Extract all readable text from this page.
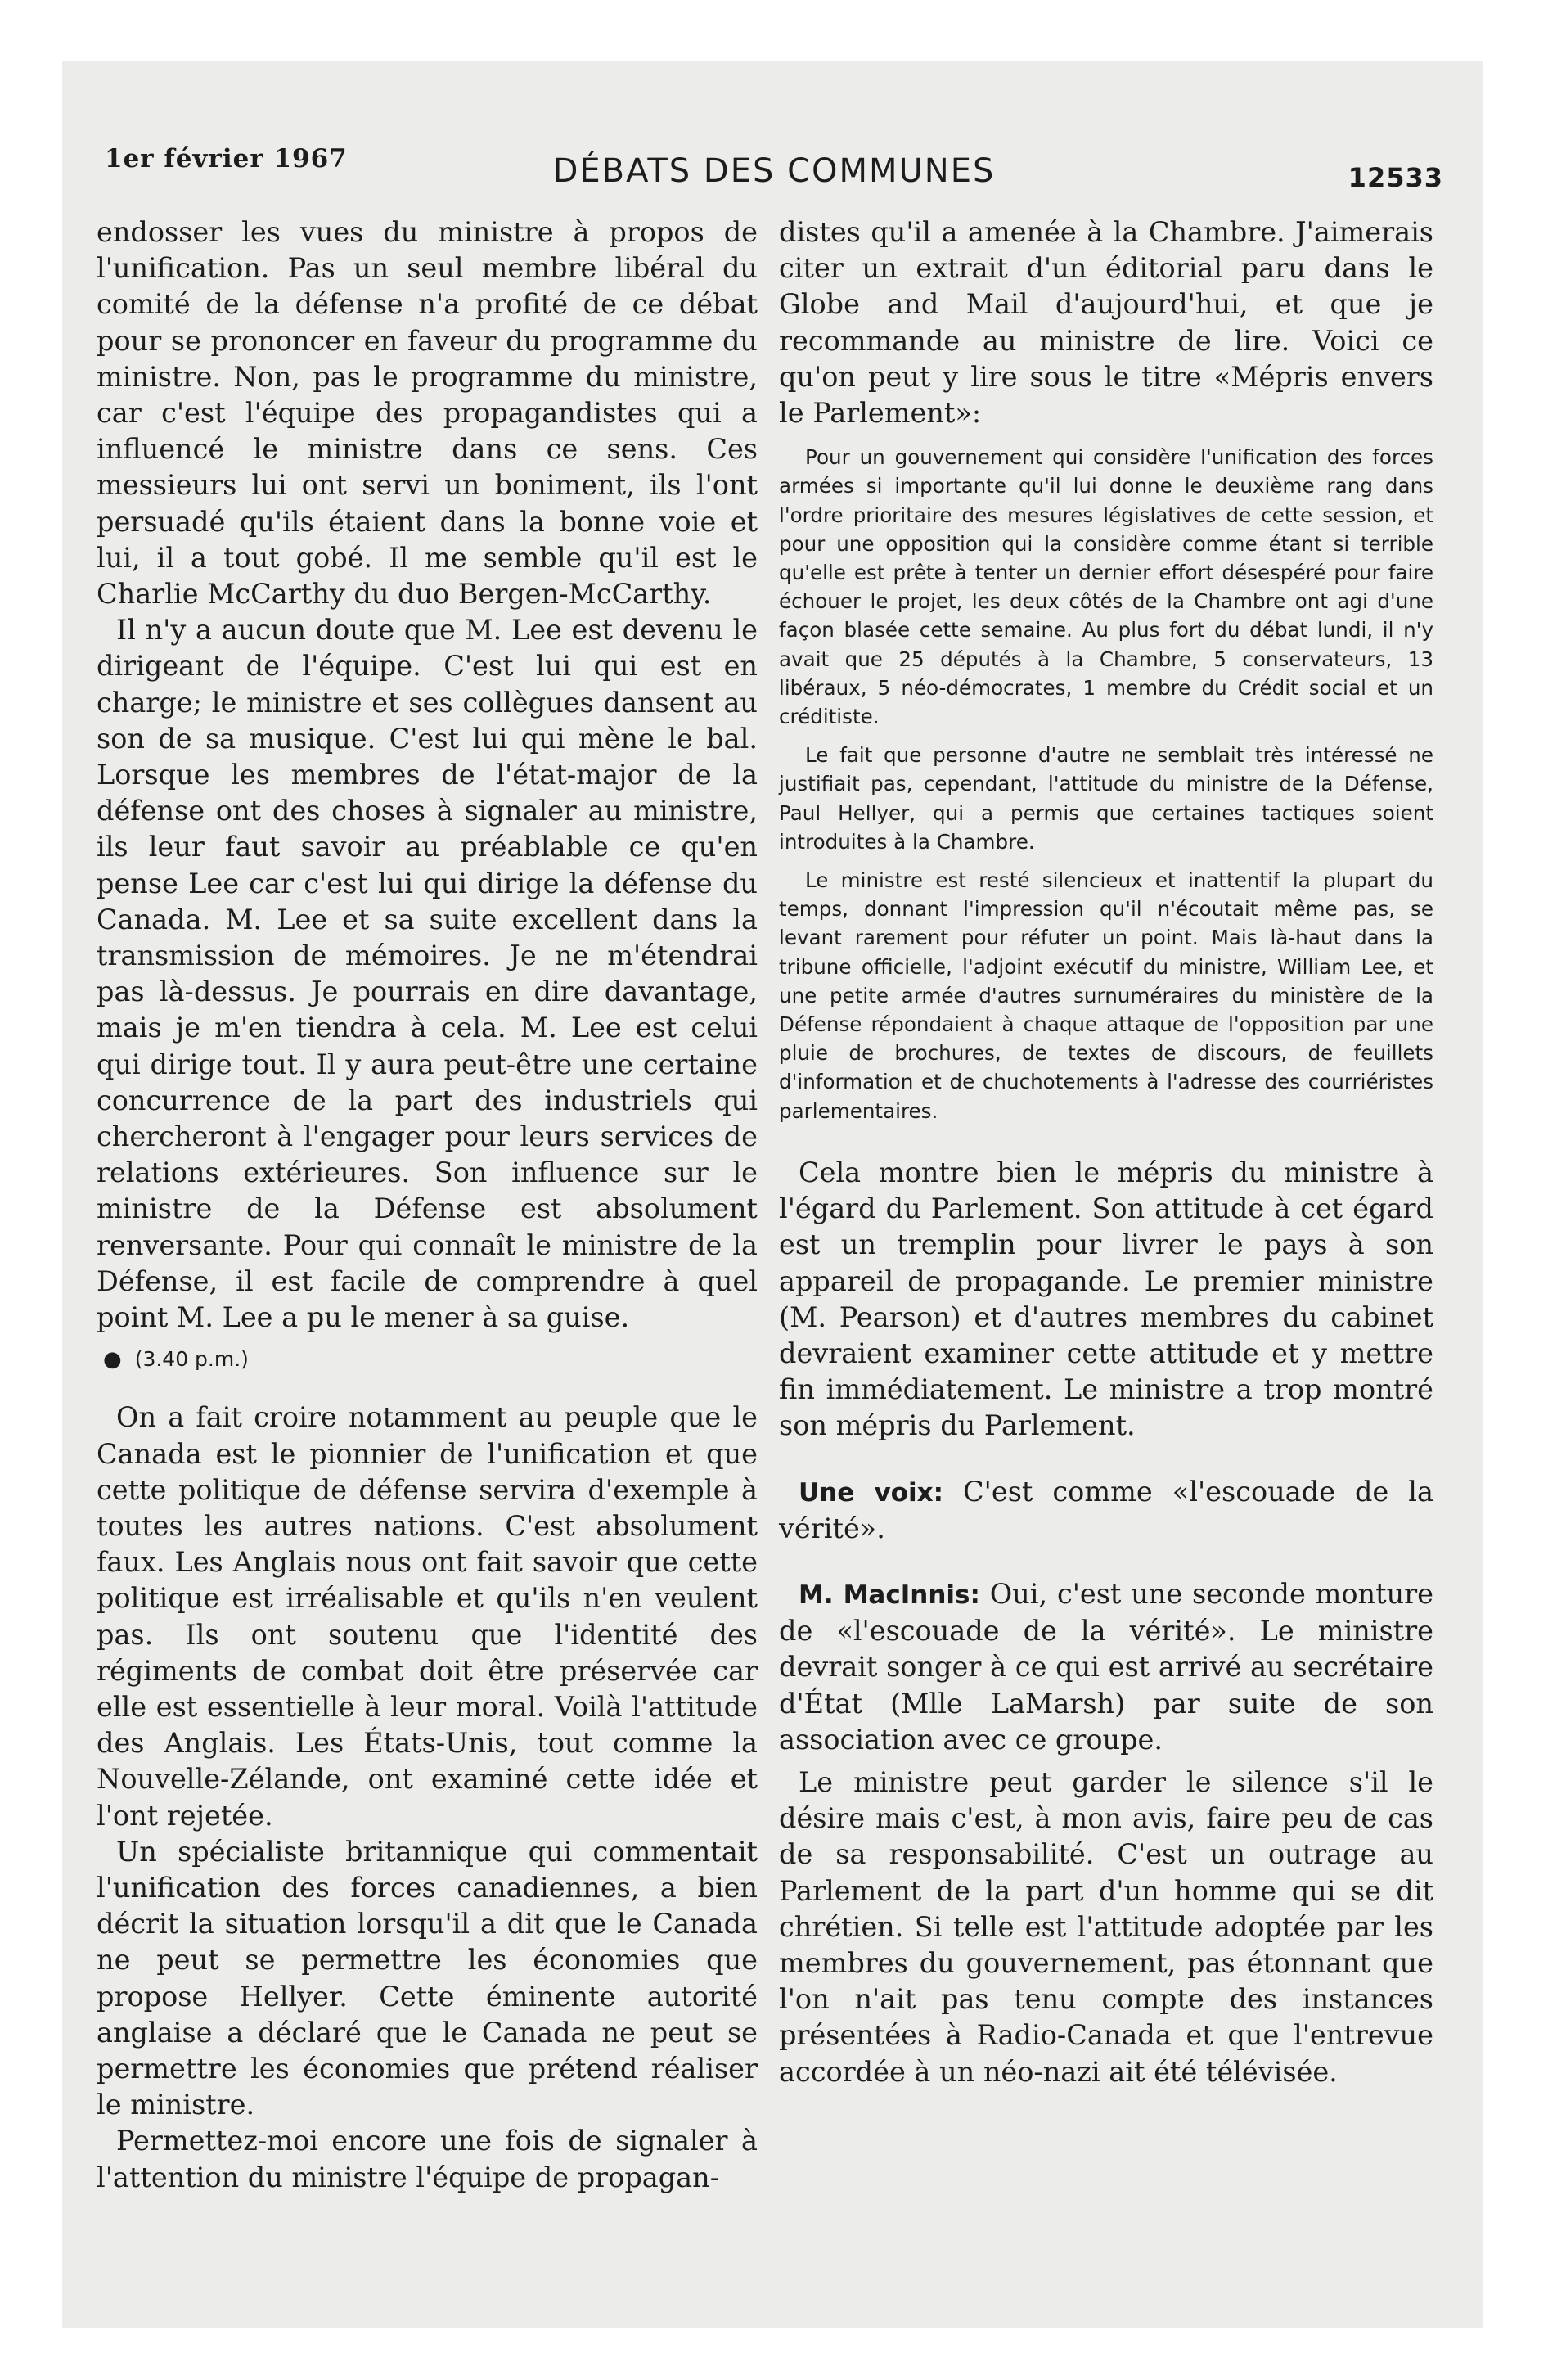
1er février 1967	DÉBATS DES COMMUNES	12533

endosser les vues du ministre à propos de l'unification. Pas un seul membre libéral du comité de la défense n'a profité de ce débat pour se prononcer en faveur du programme du ministre. Non, pas le programme du ministre, car c'est l'équipe des propagandistes qui a influencé le ministre dans ce sens. Ces messieurs lui ont servi un boniment, ils l'ont persuadé qu'ils étaient dans la bonne voie et lui, il a tout gobé. Il me semble qu'il est le Charlie McCarthy du duo Bergen-McCarthy.

Il n'y a aucun doute que M. Lee est devenu le dirigeant de l'équipe. C'est lui qui est en charge; le ministre et ses collègues dansent au son de sa musique. C'est lui qui mène le bal. Lorsque les membres de l'état-major de la défense ont des choses à signaler au ministre, ils leur faut savoir au préablable ce qu'en pense Lee car c'est lui qui dirige la défense du Canada. M. Lee et sa suite excellent dans la transmission de mémoires. Je ne m'étendrai pas là-dessus. Je pourrais en dire davantage, mais je m'en tiendra à cela. M. Lee est celui qui dirige tout. Il y aura peut-être une certaine concurrence de la part des industriels qui chercheront à l'engager pour leurs services de relations extérieures. Son influence sur le ministre de la Défense est absolument renversante. Pour qui connaît le ministre de la Défense, il est facile de comprendre à quel point M. Lee a pu le mener à sa guise.

● (3.40 p.m.)

On a fait croire notamment au peuple que le Canada est le pionnier de l'unification et que cette politique de défense servira d'exemple à toutes les autres nations. C'est absolument faux. Les Anglais nous ont fait savoir que cette politique est irréalisable et qu'ils n'en veulent pas. Ils ont soutenu que l'identité des régiments de combat doit être préservée car elle est essentielle à leur moral. Voilà l'attitude des Anglais. Les États-Unis, tout comme la Nouvelle-Zélande, ont examiné cette idée et l'ont rejetée.

Un spécialiste britannique qui commentait l'unification des forces canadiennes, a bien décrit la situation lorsqu'il a dit que le Canada ne peut se permettre les économies que propose Hellyer. Cette éminente autorité anglaise a déclaré que le Canada ne peut se permettre les économies que prétend réaliser le ministre.

Permettez-moi encore une fois de signaler à l'attention du ministre l'équipe de propagan-

distes qu'il a amenée à la Chambre. J'aimerais citer un extrait d'un éditorial paru dans le Globe and Mail d'aujourd'hui, et que je recommande au ministre de lire. Voici ce qu'on peut y lire sous le titre «Mépris envers le Parlement»:

Pour un gouvernement qui considère l'unification des forces armées si importante qu'il lui donne le deuxième rang dans l'ordre prioritaire des mesures législatives de cette session, et pour une opposition qui la considère comme étant si terrible qu'elle est prête à tenter un dernier effort désespéré pour faire échouer le projet, les deux côtés de la Chambre ont agi d'une façon blasée cette semaine. Au plus fort du débat lundi, il n'y avait que 25 députés à la Chambre, 5 conservateurs, 13 libéraux, 5 néo-démocrates, 1 membre du Crédit social et un créditiste.

Le fait que personne d'autre ne semblait très intéressé ne justifiait pas, cependant, l'attitude du ministre de la Défense, Paul Hellyer, qui a permis que certaines tactiques soient introduites à la Chambre.

Le ministre est resté silencieux et inattentif la plupart du temps, donnant l'impression qu'il n'écoutait même pas, se levant rarement pour réfuter un point. Mais là-haut dans la tribune officielle, l'adjoint exécutif du ministre, William Lee, et une petite armée d'autres surnuméraires du ministère de la Défense répondaient à chaque attaque de l'opposition par une pluie de brochures, de textes de discours, de feuillets d'information et de chuchotements à l'adresse des courriéristes parlementaires.

Cela montre bien le mépris du ministre à l'égard du Parlement. Son attitude à cet égard est un tremplin pour livrer le pays à son appareil de propagande. Le premier ministre (M. Pearson) et d'autres membres du cabinet devraient examiner cette attitude et y mettre fin immédiatement. Le ministre a trop montré son mépris du Parlement.

Une voix: C'est comme «l'escouade de la vérité».

M. MacInnis: Oui, c'est une seconde monture de «l'escouade de la vérité». Le ministre devrait songer à ce qui est arrivé au secrétaire d'État (Mlle LaMarsh) par suite de son association avec ce groupe.

Le ministre peut garder le silence s'il le désire mais c'est, à mon avis, faire peu de cas de sa responsabilité. C'est un outrage au Parlement de la part d'un homme qui se dit chrétien. Si telle est l'attitude adoptée par les membres du gouvernement, pas étonnant que l'on n'ait pas tenu compte des instances présentées à Radio-Canada et que l'entrevue accordée à un néo-nazi ait été télévisée.
